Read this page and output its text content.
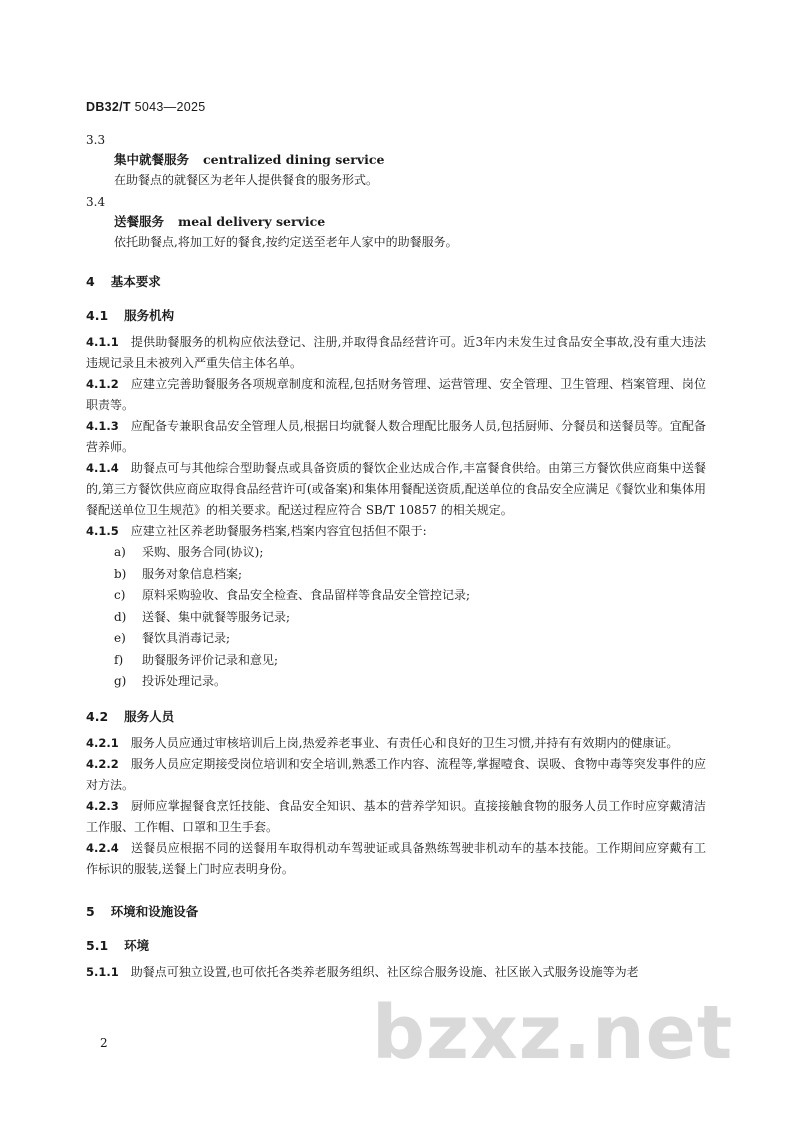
DB32/T 5043—2025
3.3
集中就餐服务 centralized dining service
在助餐点的就餐区为老年人提供餐食的服务形式。
3.4
送餐服务 meal delivery service
依托助餐点,将加工好的餐食,按约定送至老年人家中的助餐服务。
4 基本要求
4.1 服务机构
4.1.1 提供助餐服务的机构应依法登记、注册,并取得食品经营许可。近3年内未发生过食品安全事故,没有重大违法违规记录且未被列入严重失信主体名单。
4.1.2 应建立完善助餐服务各项规章制度和流程,包括财务管理、运营管理、安全管理、卫生管理、档案管理、岗位职责等。
4.1.3 应配备专兼职食品安全管理人员,根据日均就餐人数合理配比服务人员,包括厨师、分餐员和送餐员等。宜配备营养师。
4.1.4 助餐点可与其他综合型助餐点或具备资质的餐饮企业达成合作,丰富餐食供给。由第三方餐饮供应商集中送餐的,第三方餐饮供应商应取得食品经营许可(或备案)和集体用餐配送资质,配送单位的食品安全应满足《餐饮业和集体用餐配送单位卫生规范》的相关要求。配送过程应符合 SB/T 10857 的相关规定。
4.1.5 应建立社区养老助餐服务档案,档案内容宜包括但不限于:
a) 采购、服务合同(协议);
b) 服务对象信息档案;
c) 原料采购验收、食品安全检查、食品留样等食品安全管控记录;
d) 送餐、集中就餐等服务记录;
e) 餐饮具消毒记录;
f) 助餐服务评价记录和意见;
g) 投诉处理记录。
4.2 服务人员
4.2.1 服务人员应通过审核培训后上岗,热爱养老事业、有责任心和良好的卫生习惯,并持有有效期内的健康证。
4.2.2 服务人员应定期接受岗位培训和安全培训,熟悉工作内容、流程等,掌握噎食、误吸、食物中毒等突发事件的应对方法。
4.2.3 厨师应掌握餐食烹饪技能、食品安全知识、基本的营养学知识。直接接触食物的服务人员工作时应穿戴清洁工作服、工作帽、口罩和卫生手套。
4.2.4 送餐员应根据不同的送餐用车取得机动车驾驶证或具备熟练驾驶非机动车的基本技能。工作期间应穿戴有工作标识的服装,送餐上门时应表明身份。
5 环境和设施设备
5.1 环境
5.1.1 助餐点可独立设置,也可依托各类养老服务组织、社区综合服务设施、社区嵌入式服务设施等为老
2	bzxz.net
